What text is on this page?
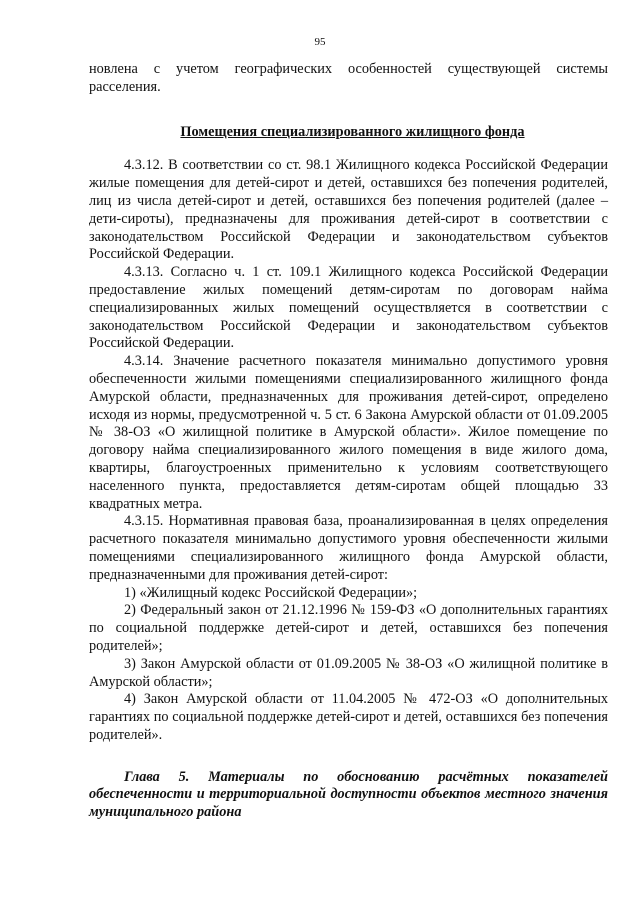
95

новлена с учетом географических особенностей существующей системы расселения.

Помещения специализированного жилищного фонда

4.3.12. В соответствии со ст. 98.1 Жилищного кодекса Российской Федерации жилые помещения для детей-сирот и детей, оставшихся без попечения родителей, лиц из числа детей-сирот и детей, оставшихся без попечения родителей (далее – дети-сироты), предназначены для проживания детей-сирот в соответствии с законодательством Российской Федерации и законодательством субъектов Российской Федерации.

4.3.13. Согласно ч. 1 ст. 109.1 Жилищного кодекса Российской Федерации предоставление жилых помещений детям-сиротам по договорам найма специализированных жилых помещений осуществляется в соответствии с законодательством Российской Федерации и законодательством субъектов Российской Федерации.

4.3.14. Значение расчетного показателя минимально допустимого уровня обеспеченности жилыми помещениями специализированного жилищного фонда Амурской области, предназначенных для проживания детей-сирот, определено исходя из нормы, предусмотренной ч. 5 ст. 6 Закона Амурской области от 01.09.2005 № 38-ОЗ «О жилищной политике в Амурской области». Жилое помещение по договору найма специализированного жилого помещения в виде жилого дома, квартиры, благоустроенных применительно к условиям соответствующего населенного пункта, предоставляется детям-сиротам общей площадью 33 квадратных метра.

4.3.15. Нормативная правовая база, проанализированная в целях определения расчетного показателя минимально допустимого уровня обеспеченности жилыми помещениями специализированного жилищного фонда Амурской области, предназначенными для проживания детей-сирот:

1) «Жилищный кодекс Российской Федерации»;

2) Федеральный закон от 21.12.1996 № 159-ФЗ «О дополнительных гарантиях по социальной поддержке детей-сирот и детей, оставшихся без попечения родителей»;

3) Закон Амурской области от 01.09.2005 № 38-ОЗ «О жилищной политике в Амурской области»;

4) Закон Амурской области от 11.04.2005 № 472-ОЗ «О дополнительных гарантиях по социальной поддержке детей-сирот и детей, оставшихся без попечения родителей».

Глава 5. Материалы по обоснованию расчётных показателей обеспеченности и территориальной доступности объектов местного значения муниципального района
